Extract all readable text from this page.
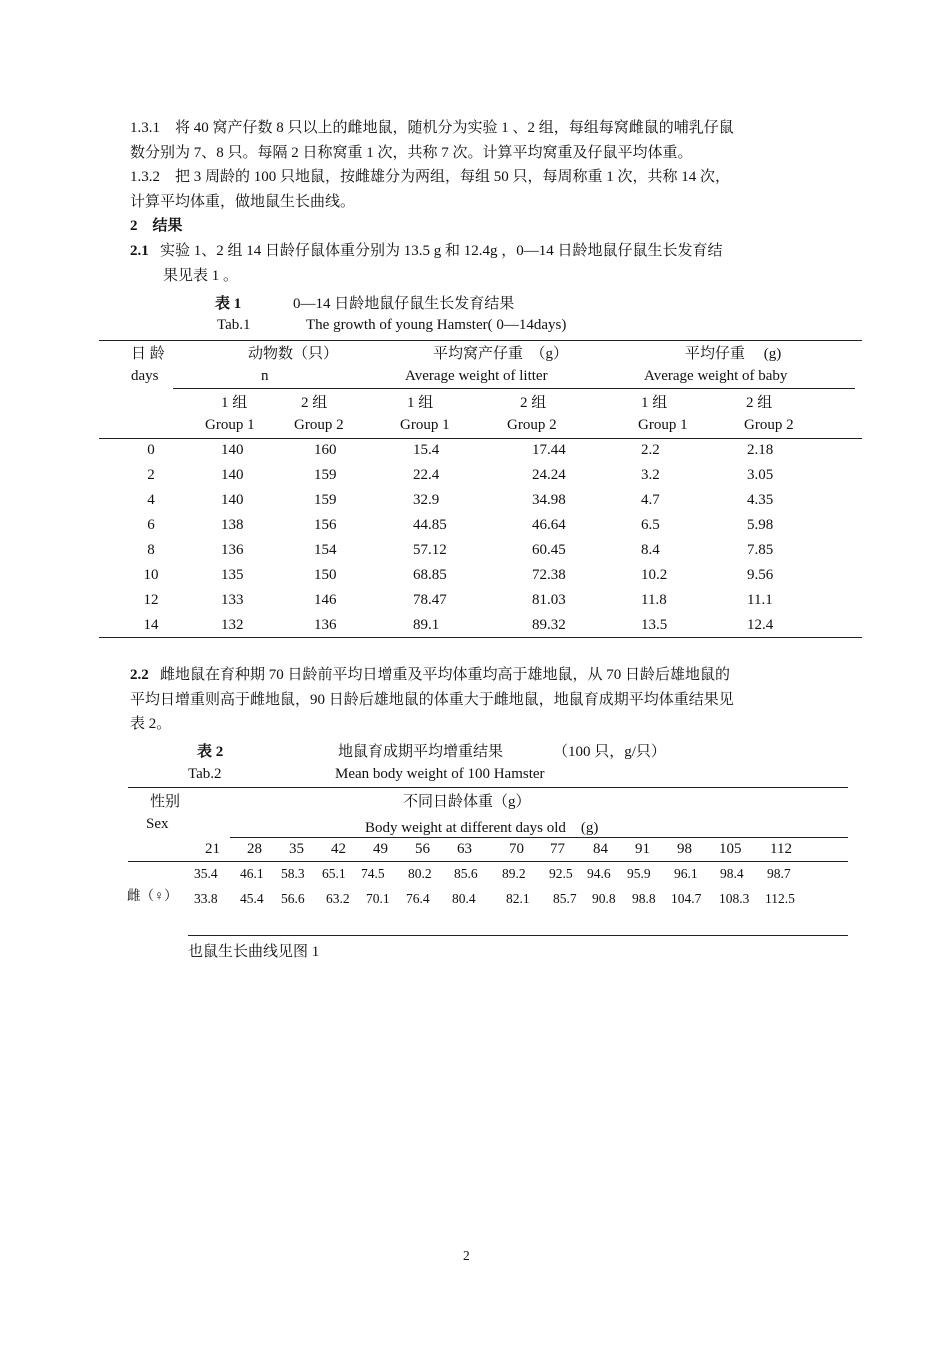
1.3.1 将 40 窝产仔数 8 只以上的雌地鼠，随机分为实验 1 、2 组，每组每窝雌鼠的哺乳仔鼠
数分别为 7、8 只。每隔 2 日称窝重 1 次，共称 7 次。计算平均窝重及仔鼠平均体重。
1.3.2 把 3 周龄的 100 只地鼠，按雌雄分为两组，每组 50 只，每周称重 1 次，共称 14 次，
计算平均体重，做地鼠生长曲线。
2　结果
2.1 实验 1、2 组 14 日龄仔鼠体重分别为 13.5 g 和 12.4g ，0—14 日龄地鼠仔鼠生长发育结
果见表 1 。
表 1	0—14 日龄地鼠仔鼠生长发育结果
Tab.1	The growth of young Hamster( 0—14days)
日 龄	动物数（只）	平均窝产仔重　（g）	平均仔重　 (g)
days	n	Average weight of litter	Average weight of baby
1 组	2 组	1 组	2 组	1 组	2 组
Group 1	Group 2	Group 1	Group 2	Group 1	Group 2
0	140	160	15.4	17.44	2.2	2.18
2	140	159	22.4	24.24	3.2	3.05
4	140	159	32.9	34.98	4.7	4.35
6	138	156	44.85	46.64	6.5	5.98
8	136	154	57.12	60.45	8.4	7.85
10	135	150	68.85	72.38	10.2	9.56
12	133	146	78.47	81.03	11.8	11.1
14	132	136	89.1	89.32	13.5	12.4
2.2 雌地鼠在育种期 70 日龄前平均日增重及平均体重均高于雄地鼠，从 70 日龄后雄地鼠的
平均日增重则高于雌地鼠，90 日龄后雄地鼠的体重大于雌地鼠，地鼠育成期平均体重结果见
表 2。
表 2	地鼠育成期平均增重结果	（100 只，g/只）
Tab.2	Mean body weight of 100 Hamster
性别	不同日龄体重（g）
Sex	Body weight at different days old　(g)
21 28 35 42 49 56 63 70 77 84 91 98 105 112
雌（♀）
35.4 46.1 58.3 65.1 74.5 80.2 85.6 89.2 92.5 94.6 95.9 96.1 98.4 98.7
33.8 45.4 56.6 63.2 70.1 76.4 80.4 82.1 85.7 90.8 98.8 104.7 108.3 112.5
也鼠生长曲线见图 1
2
